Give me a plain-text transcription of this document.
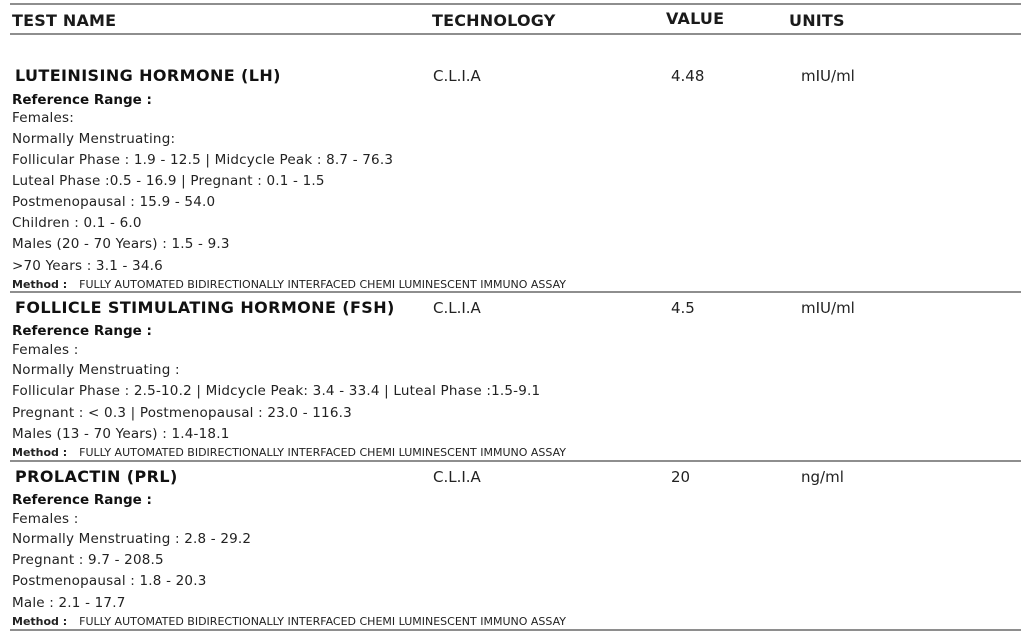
TEST NAME	TECHNOLOGY	VALUE	UNITS
LUTEINISING HORMONE (LH)	C.L.I.A	4.48	mIU/ml
Reference Range :
Females:
Normally Menstruating:
Follicular Phase : 1.9 - 12.5 | Midcycle Peak : 8.7 - 76.3
Luteal Phase :0.5 - 16.9 | Pregnant : 0.1 - 1.5
Postmenopausal : 15.9 - 54.0
Children : 0.1 - 6.0
Males (20 - 70 Years) : 1.5 - 9.3
>70 Years : 3.1 - 34.6
Method : FULLY AUTOMATED BIDIRECTIONALLY INTERFACED CHEMI LUMINESCENT IMMUNO ASSAY
FOLLICLE STIMULATING HORMONE (FSH)	C.L.I.A	4.5	mIU/ml
Reference Range :
Females :
Normally Menstruating :
Follicular Phase : 2.5-10.2 | Midcycle Peak: 3.4 - 33.4 | Luteal Phase :1.5-9.1
Pregnant : < 0.3 | Postmenopausal : 23.0 - 116.3
Males (13 - 70 Years) : 1.4-18.1
Method : FULLY AUTOMATED BIDIRECTIONALLY INTERFACED CHEMI LUMINESCENT IMMUNO ASSAY
PROLACTIN (PRL)	C.L.I.A	20	ng/ml
Reference Range :
Females :
Normally Menstruating : 2.8 - 29.2
Pregnant : 9.7 - 208.5
Postmenopausal : 1.8 - 20.3
Male : 2.1 - 17.7
Method : FULLY AUTOMATED BIDIRECTIONALLY INTERFACED CHEMI LUMINESCENT IMMUNO ASSAY
